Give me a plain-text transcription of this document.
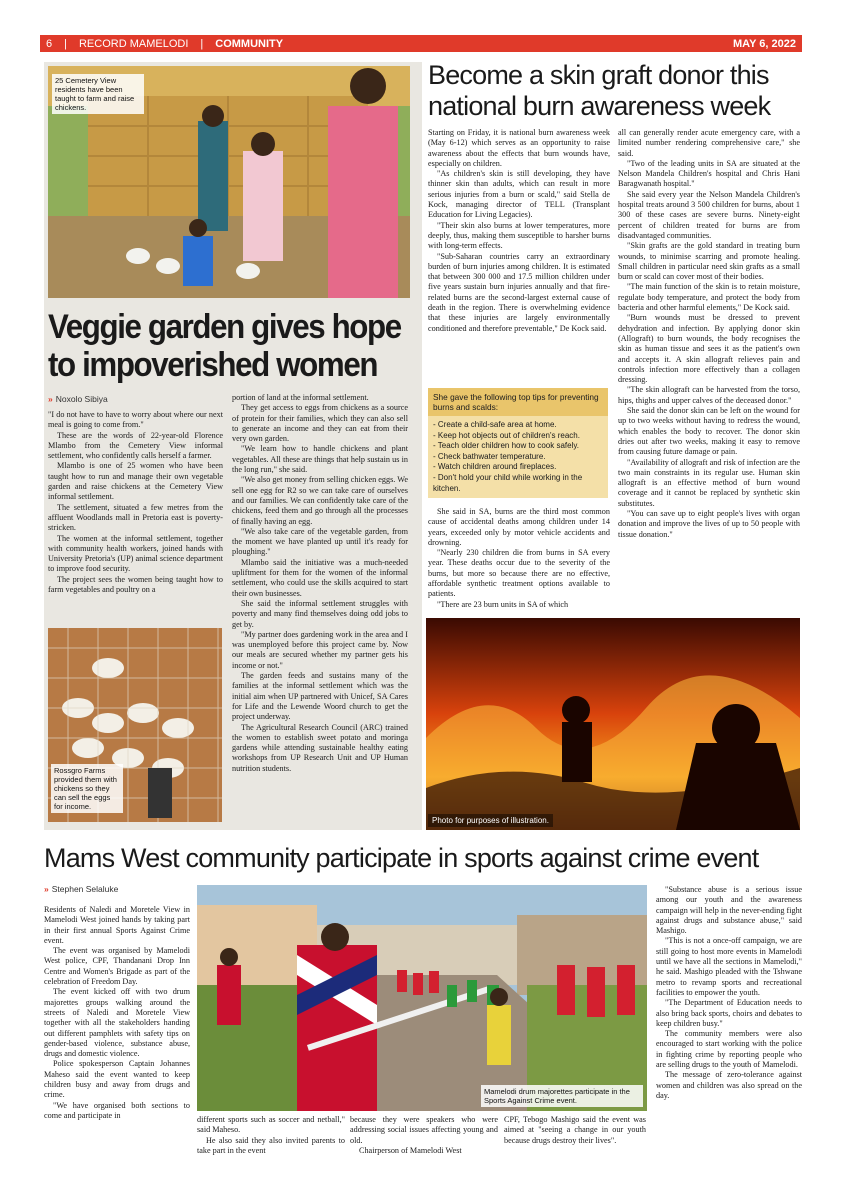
6 | RECORD MAMELODI | COMMUNITY	MAY 6, 2022
25 Cemetery View residents have been taught to farm and raise chickens.
Veggie garden gives hope to impoverished women
» Noxolo Sibiya

"I do not have to have to worry about where our next meal is going to come from."

These are the words of 22-year-old Florence Mlambo from the Cemetery View informal settlement, who confidently calls herself a farmer.

Mlambo is one of 25 women who have been taught how to run and manage their own vegetable garden and raise chickens at the Cemetery View informal settlement.

The settlement, situated a few metres from the affluent Woodlands mall in Pretoria east is poverty-stricken.

The women at the informal settlement, together with community health workers, joined hands with University Pretoria's (UP) animal science department to improve food security.

The project sees the women being taught how to farm vegetables and poultry on a

Rossgro Farms provided them with chickens so they can sell the eggs for income.

portion of land at the informal settlement.

They get access to eggs from chickens as a source of protein for their families, which they can also sell to generate an income and they can eat from their very own garden.

"We learn how to handle chickens and plant vegetables. All these are things that help sustain us in the long run," she said.

"We also get money from selling chicken eggs. We sell one egg for R2 so we can take care of ourselves and our families. We can confidently take care of the chickens, feed them and go through all the processes of finally having an egg.

"We also take care of the vegetable garden, from the moment we have planted up until it's ready for ploughing."

Mlambo said the initiative was a much-needed upliftment for them for the women of the informal settlement, who could use the skills acquired to start their own businesses.

She said the informal settlement struggles with poverty and many find themselves doing odd jobs to get by.

"My partner does gardening work in the area and I was unemployed before this project came by. Now our meals are secured whether my partner gets his income or not."

The garden feeds and sustains many of the families at the informal settlement which was the initial aim when UP partnered with Unicef, SA Cares for Life and the Lewende Woord church to get the project underway.

The Agricultural Research Council (ARC) trained the women to establish sweet potato and moringa gardens while attending sustainable healthy eating workshops from UP Research Unit and UP Human nutrition students.

Become a skin graft donor this national burn awareness week

Starting on Friday, it is national burn awareness week (May 6-12) which serves as an opportunity to raise awareness about the effects that burn wounds have, especially on children.

"As children's skin is still developing, they have thinner skin than adults, which can result in more serious injuries from a burn or scald," said Stella de Kock, managing director of TELL (Transplant Education for Living Legacies).

"Their skin also burns at lower temperatures, more deeply, thus, making them susceptible to harsher burns with long-term effects.

"Sub-Saharan countries carry an extraordinary burden of burn injuries among children. It is estimated that between 300 000 and 17.5 million children under five years sustain burn injuries annually and that fire-related burns are the second-largest external cause of death in the region. There is overwhelming evidence that these injuries are largely environmentally conditioned and therefore preventable," De Kock said.

She gave the following top tips for preventing burns and scalds:
- Create a child-safe area at home.
- Keep hot objects out of children's reach.
- Teach older children how to cook safely.
- Check bathwater temperature.
- Watch children around fireplaces.
- Don't hold your child while working in the kitchen.

She said in SA, burns are the third most common cause of accidental deaths among children under 14 years, exceeded only by motor vehicle accidents and drowning.

"Nearly 230 children die from burns in SA every year. These deaths occur due to the severity of the burns, but more so because there are no effective, affordable synthetic treatment options available to patients.

"There are 23 burn units in SA of which

all can generally render acute emergency care, with a limited number rendering comprehensive care," she said.

"Two of the leading units in SA are situated at the Nelson Mandela Children's hospital and Chris Hani Baragwanath hospital."

She said every year the Nelson Mandela Children's hospital treats around 3 500 children for burns, about 1 300 of these cases are severe burns. Ninety-eight percent of children treated for burns are from disadvantaged communities.

"Skin grafts are the gold standard in treating burn wounds, to minimise scarring and promote healing. Small children in particular need skin grafts as a small burn or scald can cover most of their bodies.

"The main function of the skin is to retain moisture, regulate body temperature, and protect the body from bacteria and other harmful elements," De Kock said.

"Burn wounds must be dressed to prevent dehydration and infection. By applying donor skin (Allograft) to burn wounds, the body recognises the skin as human tissue and sees it as the patient's own and accepts it. A skin allograft relieves pain and controls infection more effectively than a collagen dressing.

"The skin allograft can be harvested from the torso, hips, thighs and upper calves of the deceased donor."

She said the donor skin can be left on the wound for up to two weeks without having to redress the wound, which enables the body to recover. The donor skin dries out after two weeks, making it easy to remove from causing future damage or pain.

"Availability of allograft and risk of infection are the two main constraints in its regular use. Human skin allograft is an effective method of burn wound coverage and it cannot be replaced by synthetic skin substitutes.

"You can save up to eight people's lives with organ donation and improve the lives of up to 50 people with tissue donation."

Photo for purposes of illustration.
Mams West community participate in sports against crime event
» Stephen Selaluke

Residents of Naledi and Moretele View in Mamelodi West joined hands by taking part in their first annual Sports Against Crime event.

The event was organised by Mamelodi West police, CPF, Thandanani Drop Inn Centre and Women's Brigade as part of the celebration of Freedom Day.

The event kicked off with two drum majorettes groups walking around the streets of Naledi and Moretele View together with all the stakeholders handing out different pamphlets with safety tips on gender-based violence, substance abuse, drugs and domestic violence.

Police spokesperson Captain Johannes Maheso said the event wanted to keep children busy and away from drugs and crime.

"We have organised both sections to come and participate in

Mamelodi drum majorettes participate in the Sports Against Crime event.

different sports such as soccer and netball," said Maheso.

He also said they also invited parents to take part in the event

because they were speakers who were addressing social issues affecting young and old.

Chairperson of Mamelodi West

CPF, Tebogo Mashigo said the event was aimed at "seeing a change in our youth because drugs destroy their lives".

"Substance abuse is a serious issue among our youth and the awareness campaign will help in the never-ending fight against drugs and substance abuse," said Mashigo.

"This is not a once-off campaign, we are still going to host more events in Mamelodi until we have all the sections in Mamelodi," he said. Mashigo pleaded with the Tshwane metro to revamp sports and recreational facilities to empower the youth.

"The Department of Education needs to also bring back sports, choirs and debates to keep children busy."

The community members were also encouraged to start working with the police in fighting crime by reporting people who are selling drugs to the youth of Mamelodi.

The message of zero-tolerance against women and children was also spread on the day.
